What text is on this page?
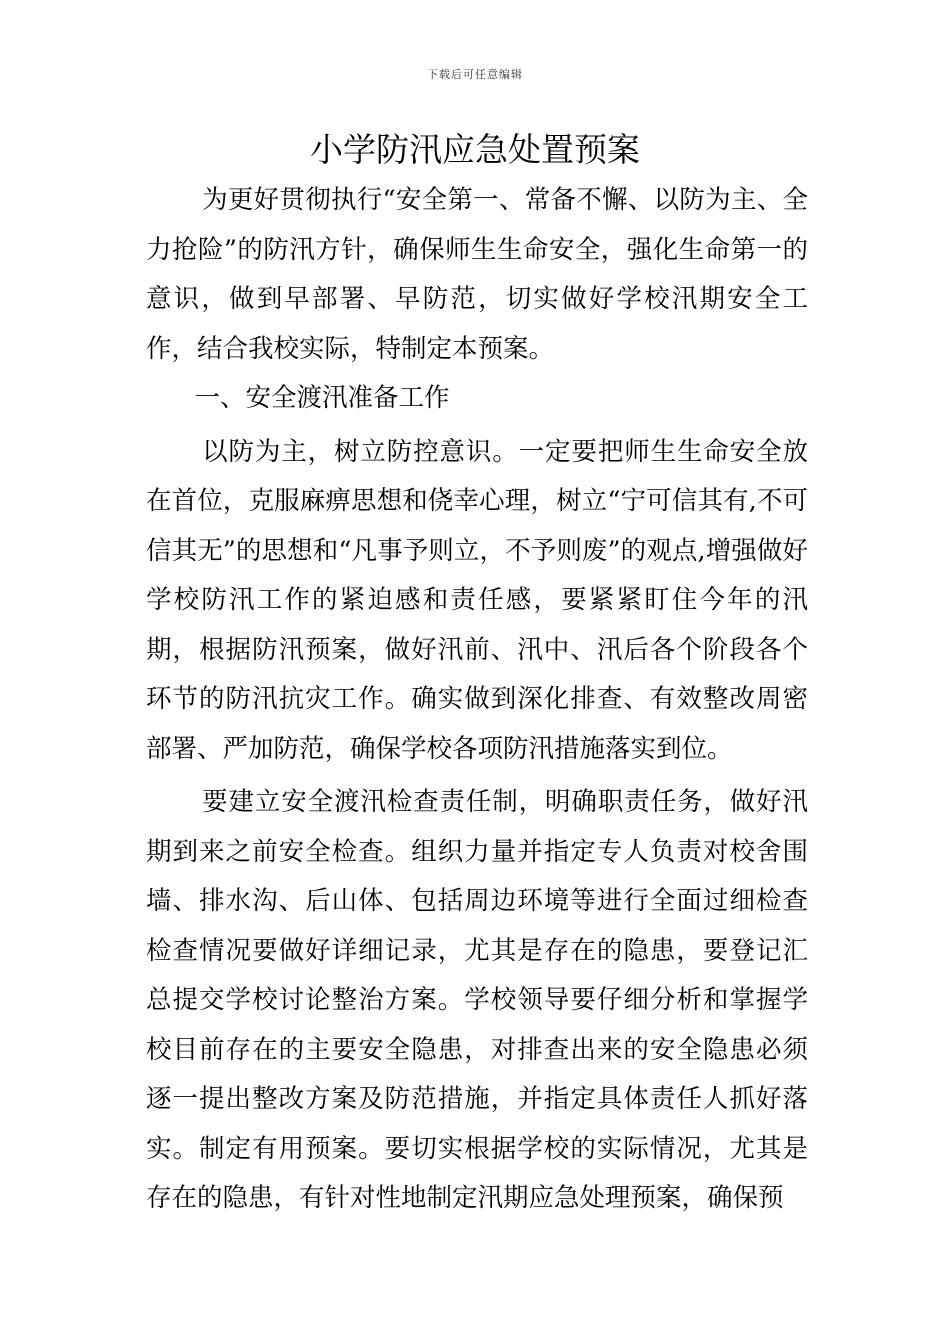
下载后可任意编辑
小学防汛应急处置预案

为更好贯彻执行“安全第一、常备不懈、以防为主、全力抢险”的防汛方针，确保师生生命安全，强化生命第一的意识，做到早部署、早防范，切实做好学校汛期安全工作，结合我校实际，特制定本预案。

一、安全渡汛准备工作

以防为主，树立防控意识。一定要把师生生命安全放在首位，克服麻痹思想和侥幸心理，树立“宁可信其有,不可信其无”的思想和“凡事予则立，不予则废”的观点,增强做好学校防汛工作的紧迫感和责任感，要紧紧盯住今年的汛期，根据防汛预案，做好汛前、汛中、汛后各个阶段各个环节的防汛抗灾工作。确实做到深化排查、有效整改周密部署、严加防范，确保学校各项防汛措施落实到位。

要建立安全渡汛检查责任制，明确职责任务，做好汛期到来之前安全检查。组织力量并指定专人负责对校舍围墙、排水沟、后山体、包括周边环境等进行全面过细检查检查情况要做好详细记录，尤其是存在的隐患，要登记汇总提交学校讨论整治方案。学校领导要仔细分析和掌握学校目前存在的主要安全隐患，对排查出来的安全隐患必须逐一提出整改方案及防范措施，并指定具体责任人抓好落实。制定有用预案。要切实根据学校的实际情况，尤其是存在的隐患，有针对性地制定汛期应急处理预案，确保预
